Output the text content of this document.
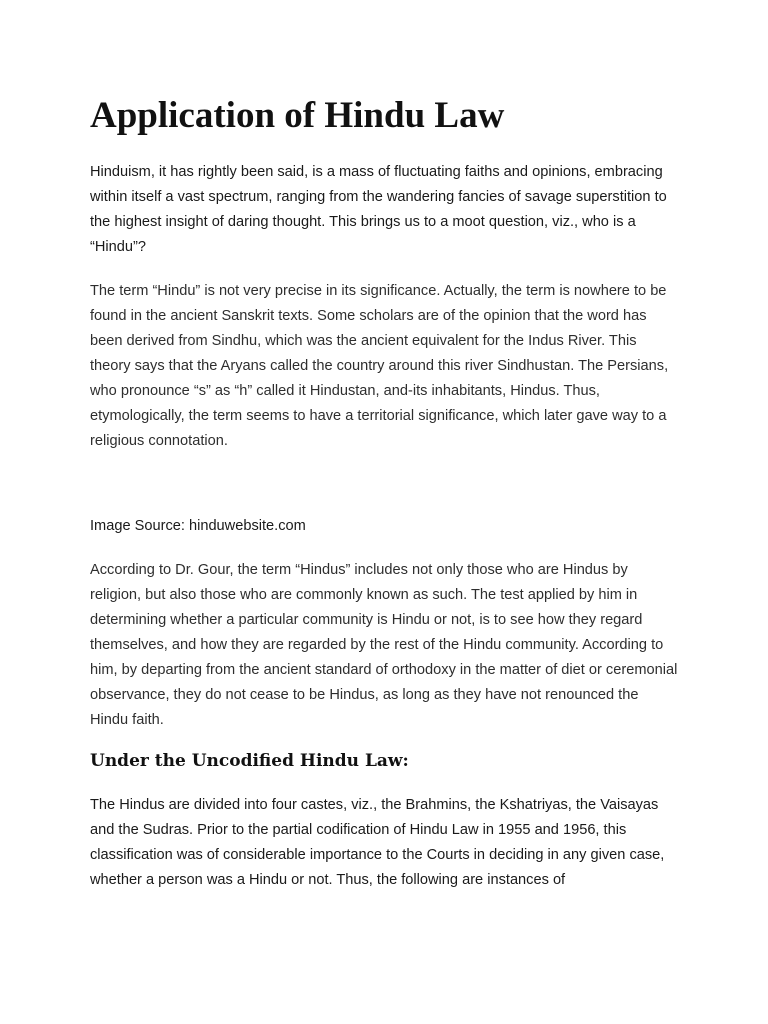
Application of Hindu Law

Hinduism, it has rightly been said, is a mass of fluctuating faiths and opinions, embracing within itself a vast spectrum, ranging from the wandering fancies of savage superstition to the highest insight of daring thought. This brings us to a moot question, viz., who is a “Hindu”?

The term “Hindu” is not very precise in its significance. Actually, the term is nowhere to be found in the ancient Sanskrit texts. Some scholars are of the opinion that the word has been derived from Sindhu, which was the ancient equivalent for the Indus River. This theory says that the Aryans called the country around this river Sindhustan. The Persians, who pronounce “s” as “h” called it Hindustan, and-its inhabitants, Hindus. Thus, etymologically, the term seems to have a territorial significance, which later gave way to a religious connotation.

Image Source: hinduwebsite.com

According to Dr. Gour, the term “Hindus” includes not only those who are Hindus by religion, but also those who are commonly known as such. The test applied by him in determining whether a particular community is Hindu or not, is to see how they regard themselves, and how they are regarded by the rest of the Hindu community. According to him, by departing from the ancient standard of orthodoxy in the matter of diet or ceremonial observance, they do not cease to be Hindus, as long as they have not renounced the Hindu faith.

Under the Uncodified Hindu Law:

The Hindus are divided into four castes, viz., the Brahmins, the Kshatriyas, the Vaisayas and the Sudras. Prior to the partial codification of Hindu Law in 1955 and 1956, this classification was of considerable importance to the Courts in deciding in any given case, whether a person was a Hindu or not. Thus, the following are instances of
